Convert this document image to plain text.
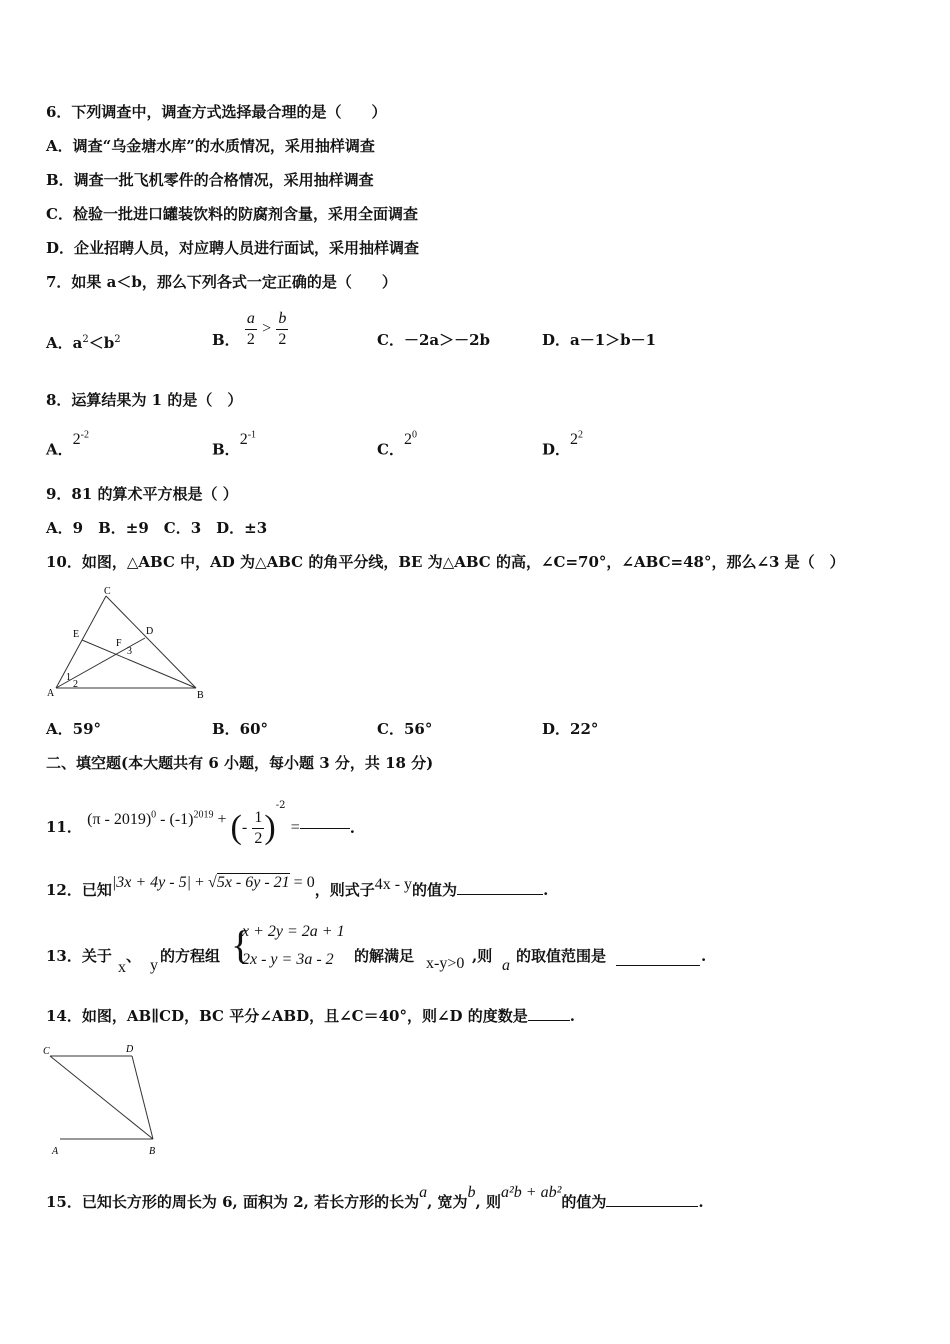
6．下列调查中，调查方式选择最合理的是（　　）
A．调查“乌金塘水库”的水质情况，采用抽样调查
B．调查一批飞机零件的合格情况，采用抽样调查
C．检验一批进口罐装饮料的防腐剂含量，采用全面调查
D．企业招聘人员，对应聘人员进行面试，采用抽样调查
7．如果 a＜b，那么下列各式一定正确的是（　　）
A．$a^2<b^2$	B． $\frac{a}{2} > \frac{b}{2}$	C．－2a＞－2b	D．a－1＞b－1
8．运算结果为 1 的是（　）
A．$2^{-2}$
B．$2^{-1}$
C．$2^0$
D．$2^2$
9．81 的算术平方根是（ ）
A．9　B．±9　C．3　D．±3
10．如图，△ABC 中，AD 为△ABC 的角平分线，BE 为△ABC 的高，∠C=70°，∠ABC=48°，那么∠3 是（　）
C
E	D
F
3
1
2
A	B
A．59°	B．60°	C．56°	D．22°
二、填空题(本大题共有 6 小题，每小题 3 分，共 18 分)
11． $(\pi - 2019)^0 - (-1)^{2019}$ + (- $\frac{1}{2} )^{-2}$ =	.
12．已知|3x + 4y - 5| + √5x - 6y - 21 = 0，则式子4x - y的值为	.
13．关于
x
、
y
的方程组 {
x + 2y = 2a + 1
2x - y = 3a - 2 的解满足 x-y>0 ,则
a
的取值范围是	.
14．如图，AB∥CD，BC 平分∠ABD，且∠C＝40°，则∠D 的度数是	.
C	D
A	B
15．已知长方形的周长为 6, 面积为 2, 若长方形的长为a, 宽为b, 则a²b + ab²的值为	.
